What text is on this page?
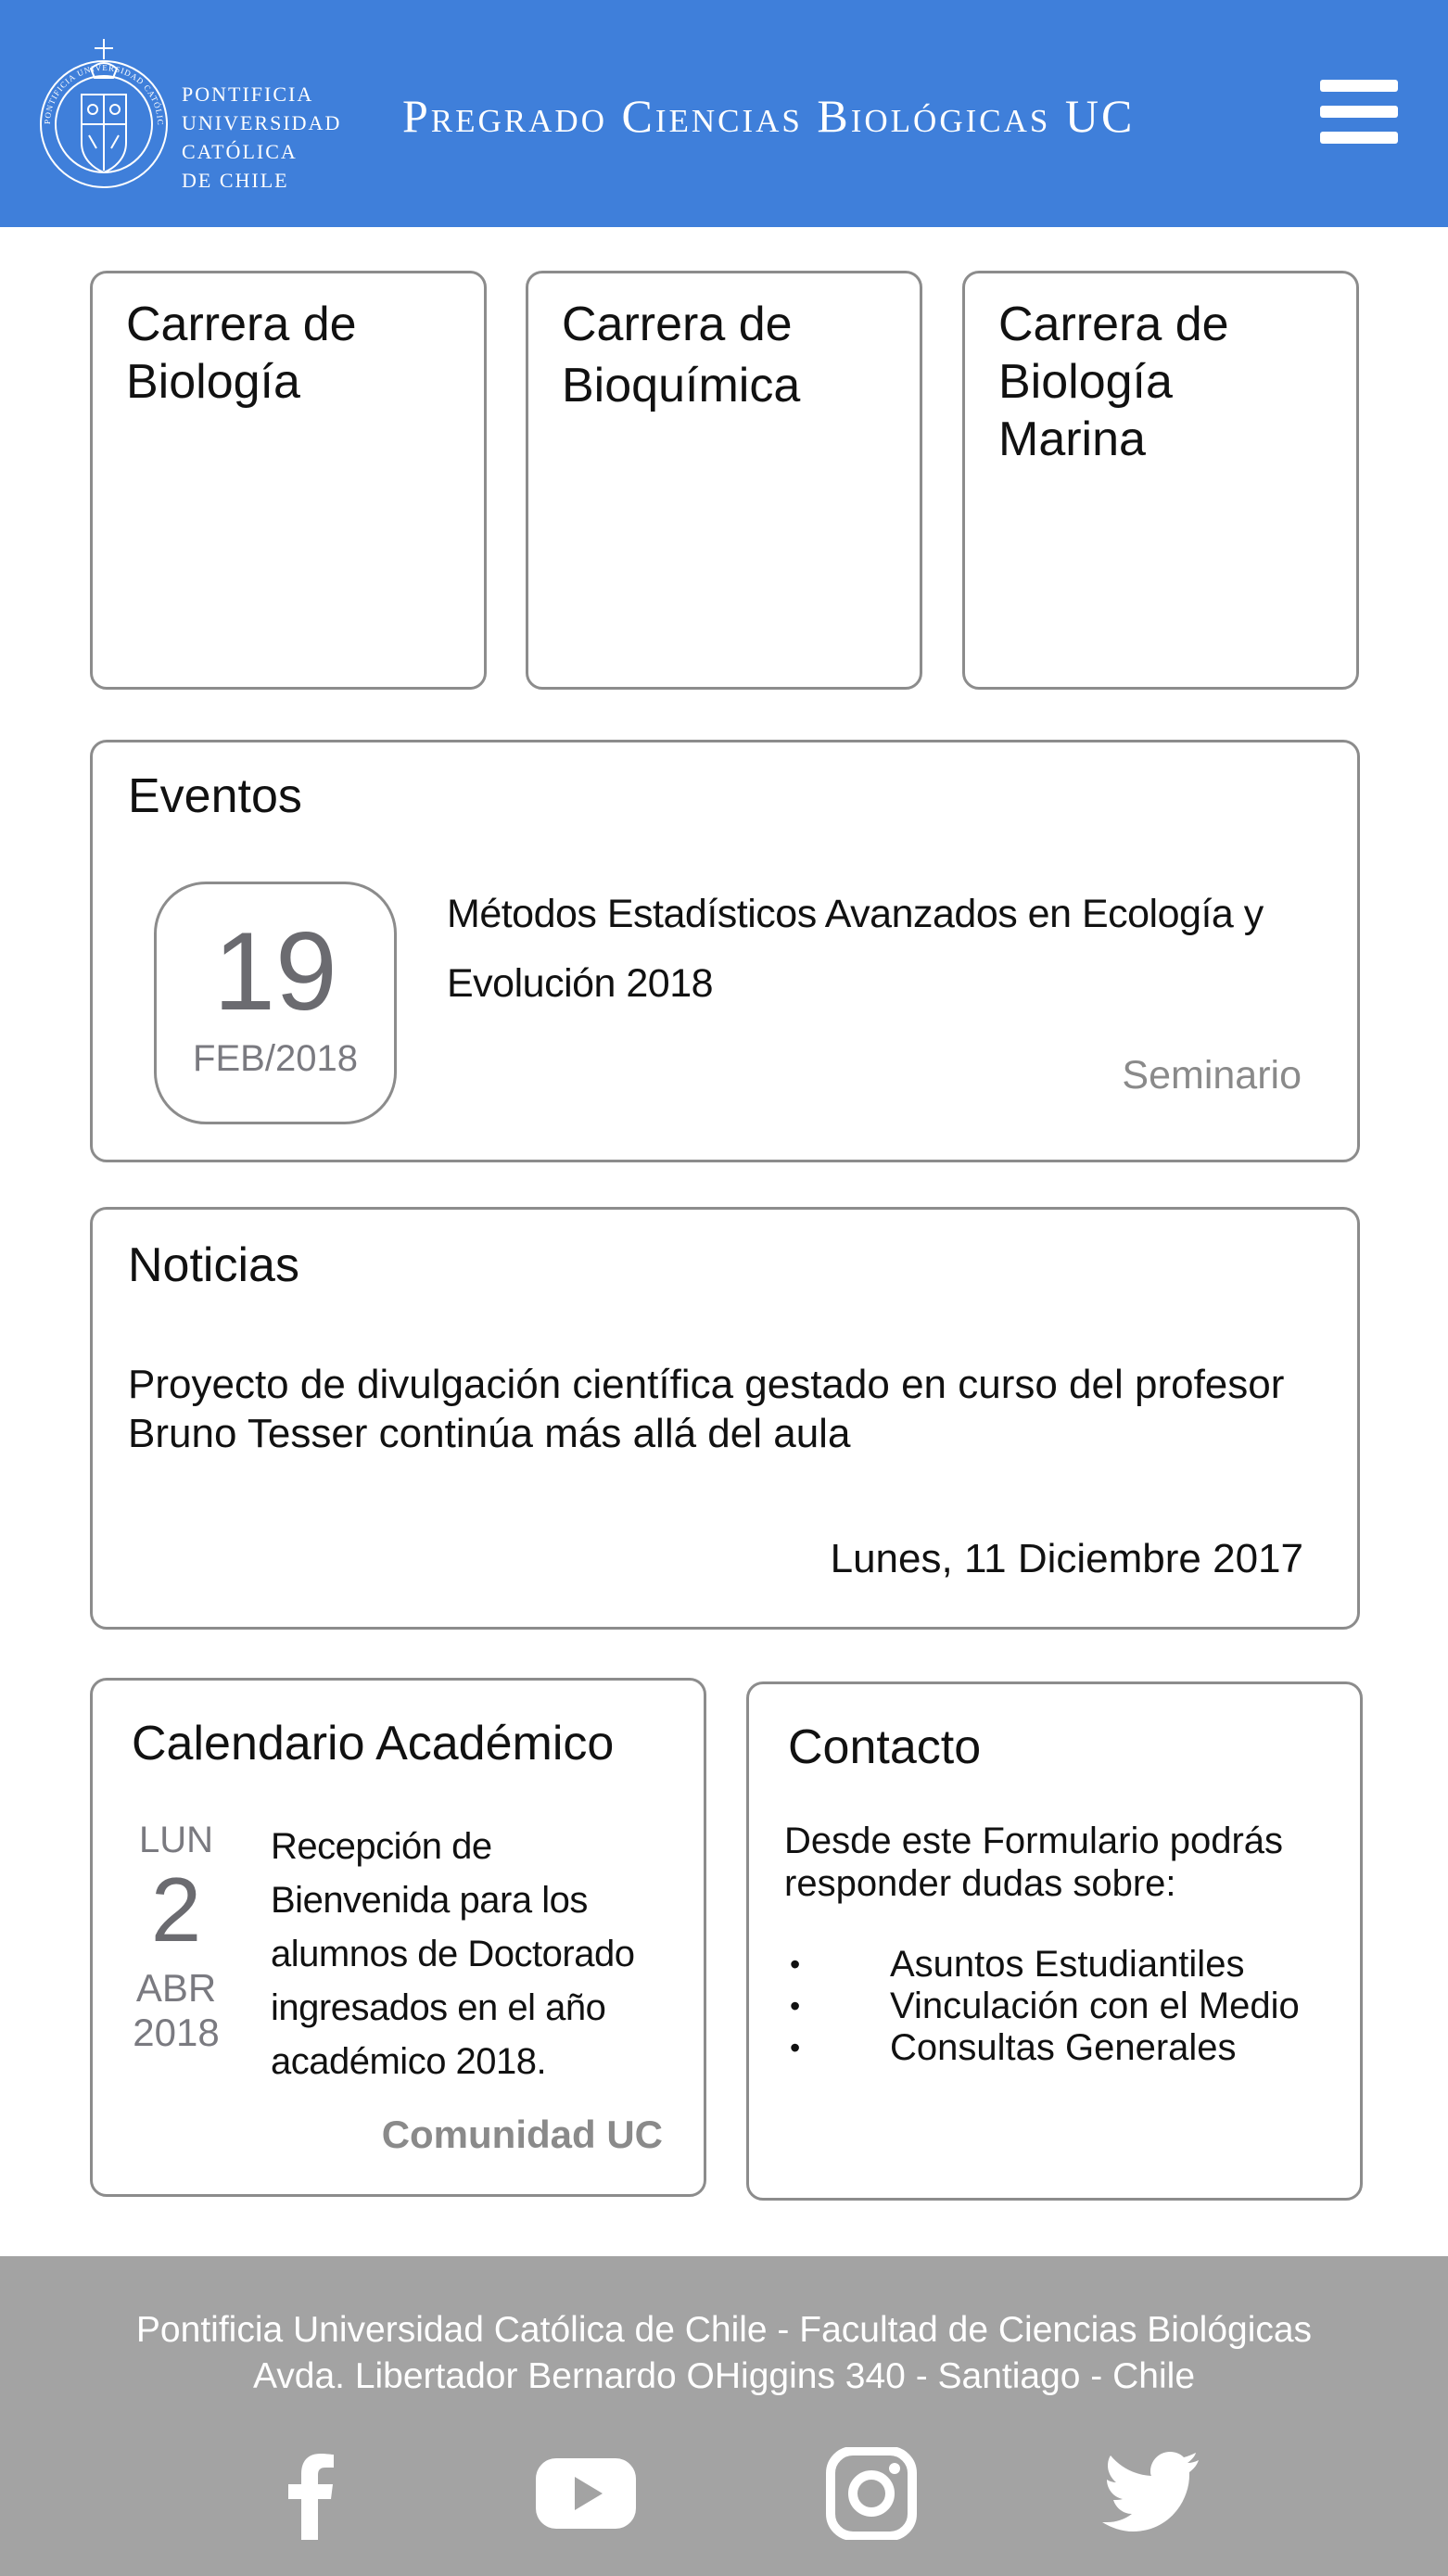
PONTIFICIA UNIVERSIDAD CATÓLIC
PONTIFICIA
UNIVERSIDAD
CATÓLICA
DE CHILE
Pregrado Ciencias Biológicas UC
Carrera de
Biología
Carrera de
Bioquímica
Carrera de
Biología
Marina
Eventos
19
FEB/2018
Métodos Estadísticos Avanzados en Ecología y Evolución 2018
Seminario
Noticias
Proyecto de divulgación científica gestado en curso del profesor Bruno Tesser continúa más allá del aula
Lunes, 11 Diciembre 2017
Calendario Académico
LUN
2
ABR
2018
Recepción de Bienvenida para los alumnos de Doctorado ingresados en el año académico 2018.
Comunidad UC
Contacto
Desde este Formulario podrás responder dudas sobre:
• Asuntos Estudiantiles
• Vinculación con el Medio
• Consultas Generales
Pontificia Universidad Católica de Chile - Facultad de Ciencias Biológicas
Avda. Libertador Bernardo OHiggins 340 - Santiago - Chile
